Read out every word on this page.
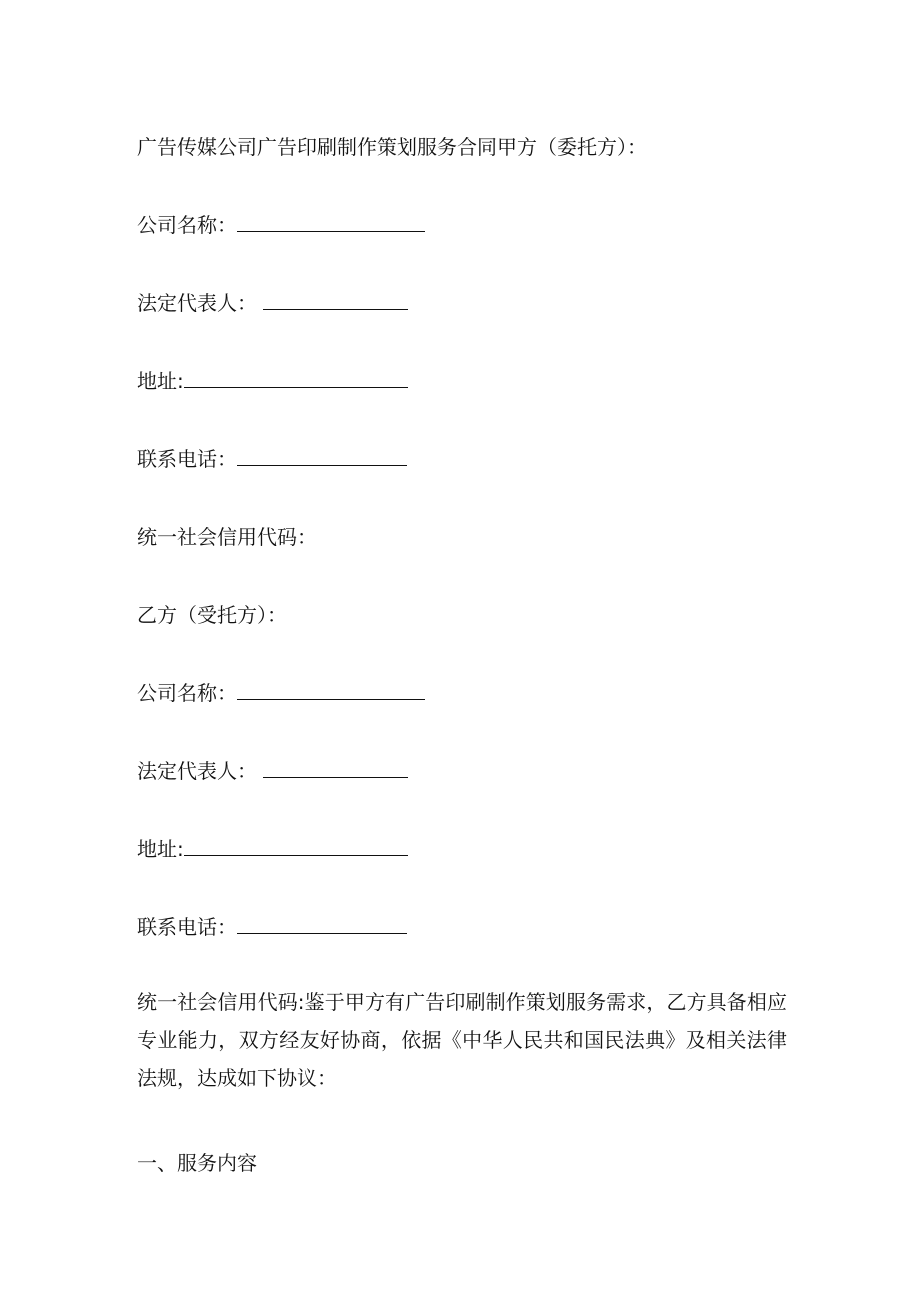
广告传媒公司广告印刷制作策划服务合同甲方（委托方）：
公司名称：
法定代表人：
地址:
联系电话：
统一社会信用代码：
乙方（受托方）：
公司名称：
法定代表人：
地址:
联系电话：
统一社会信用代码:鉴于甲方有广告印刷制作策划服务需求，乙方具备相应专业能力，双方经友好协商，依据《中华人民共和国民法典》及相关法律法规，达成如下协议：
一、服务内容
